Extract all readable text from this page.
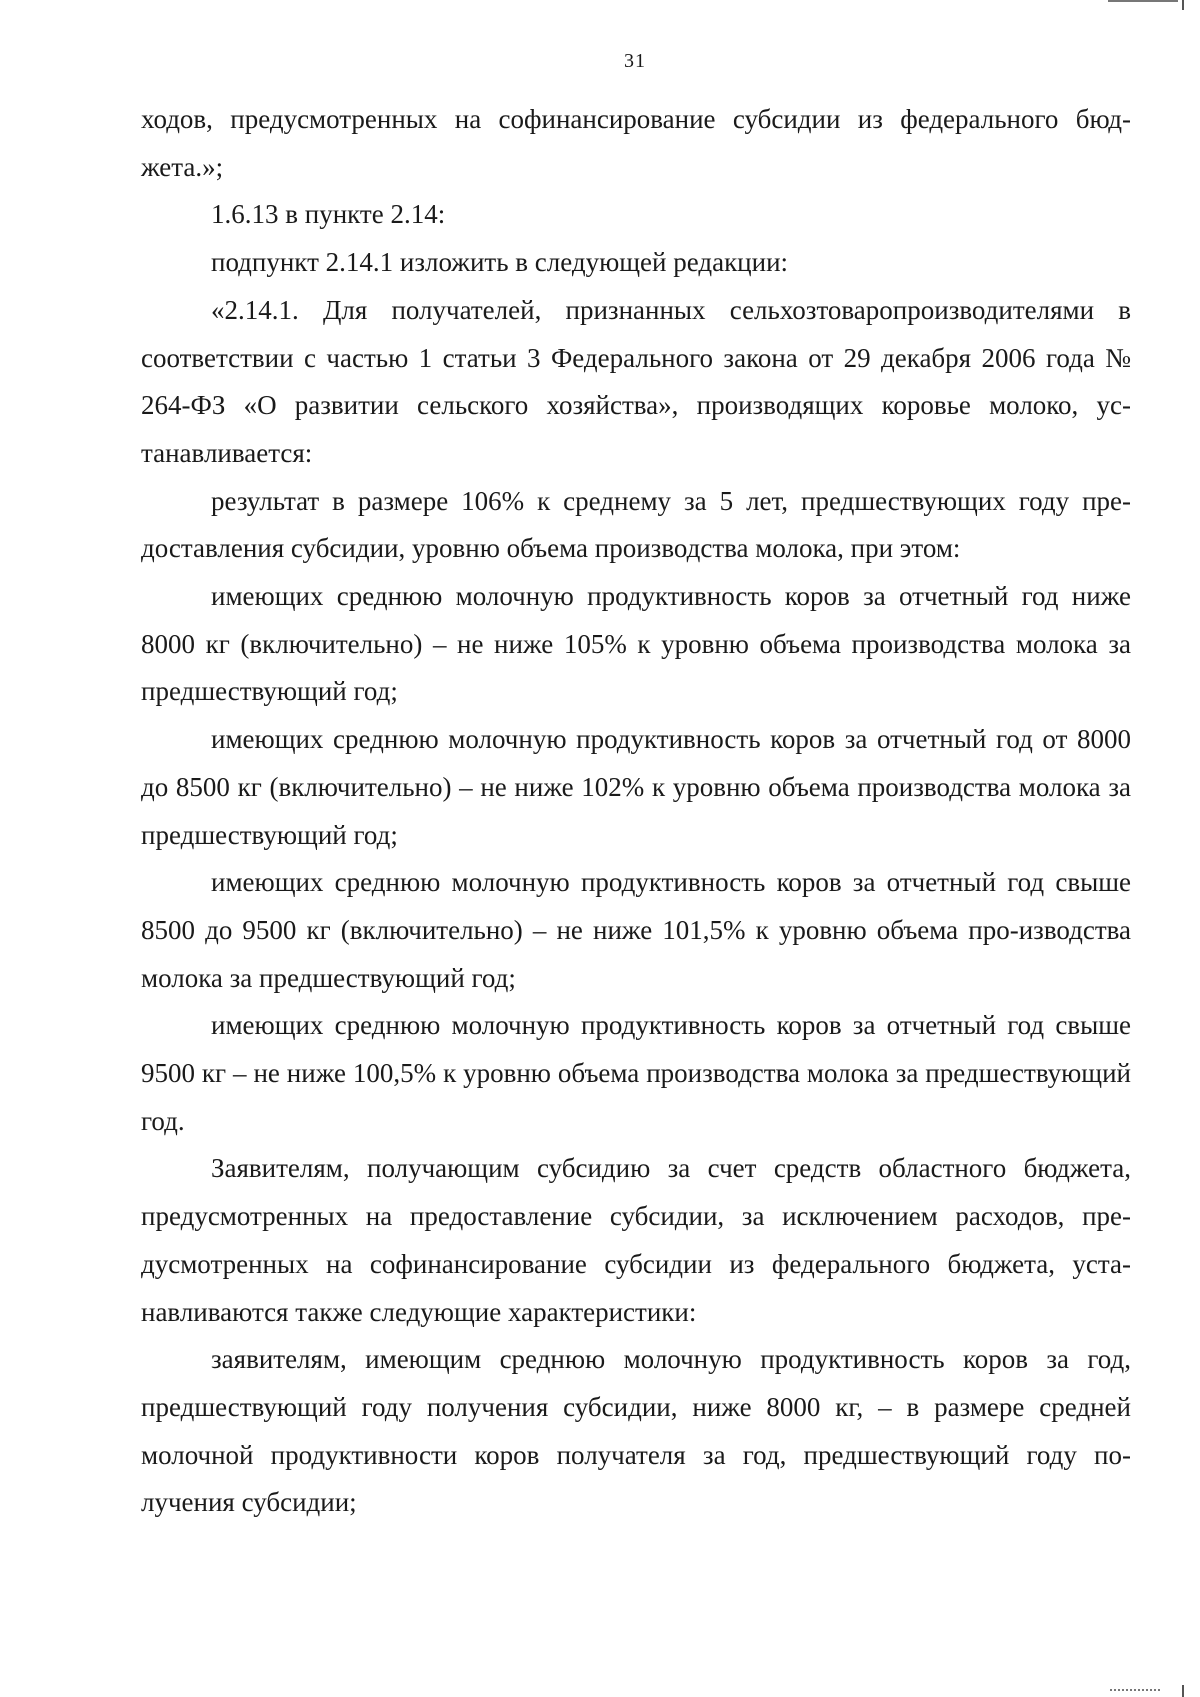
31

ходов, предусмотренных на софинансирование субсидии из федерального бюд-жета.»;

1.6.13 в пункте 2.14:

подпункт 2.14.1 изложить в следующей редакции:

«2.14.1. Для получателей, признанных сельхозтоваропроизводителями в соответствии с частью 1 статьи 3 Федерального закона от 29 декабря 2006 года № 264-ФЗ «О развитии сельского хозяйства», производящих коровье молоко, ус-танавливается:

результат в размере 106% к среднему за 5 лет, предшествующих году пре-доставления субсидии, уровню объема производства молока, при этом:

имеющих среднюю молочную продуктивность коров за отчетный год ниже 8000 кг (включительно) – не ниже 105% к уровню объема производства молока за предшествующий год;

имеющих среднюю молочную продуктивность коров за отчетный год от 8000 до 8500 кг (включительно) – не ниже 102% к уровню объема производства молока за предшествующий год;

имеющих среднюю молочную продуктивность коров за отчетный год свыше 8500 до 9500 кг (включительно) – не ниже 101,5% к уровню объема про-изводства молока за предшествующий год;

имеющих среднюю молочную продуктивность коров за отчетный год свыше 9500 кг – не ниже 100,5% к уровню объема производства молока за предшествующий год.

Заявителям, получающим субсидию за счет средств областного бюджета, предусмотренных на предоставление субсидии, за исключением расходов, пре-дусмотренных на софинансирование субсидии из федерального бюджета, уста-навливаются также следующие характеристики:

заявителям, имеющим среднюю молочную продуктивность коров за год, предшествующий году получения субсидии, ниже 8000 кг, – в размере средней молочной продуктивности коров получателя за год, предшествующий году по-лучения субсидии;
